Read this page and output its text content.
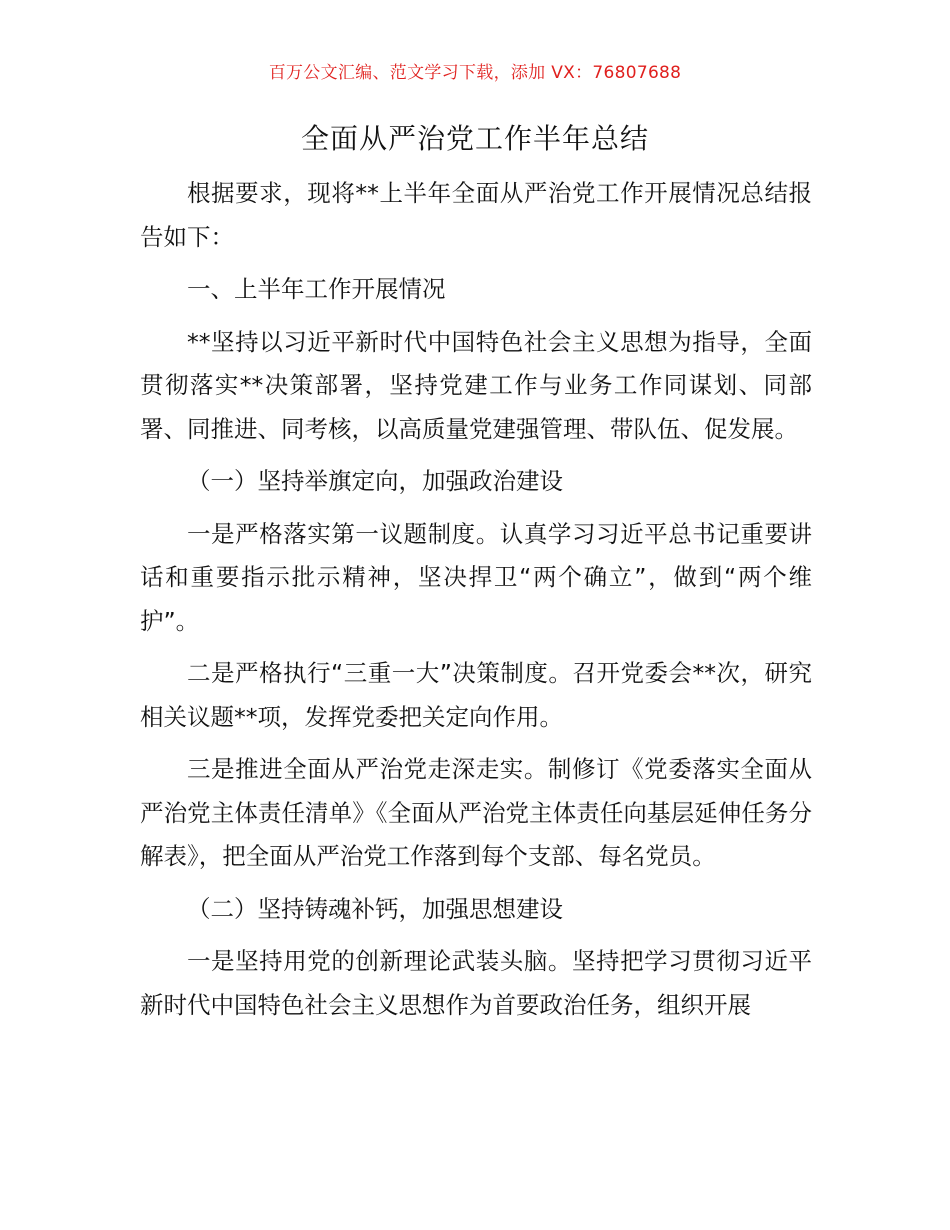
百万公文汇编、范文学习下载，添加 VX：76807688
全面从严治党工作半年总结

根据要求，现将**上半年全面从严治党工作开展情况总结报告如下：

一、上半年工作开展情况

**坚持以习近平新时代中国特色社会主义思想为指导，全面贯彻落实**决策部署，坚持党建工作与业务工作同谋划、同部署、同推进、同考核，以高质量党建强管理、带队伍、促发展。

（一）坚持举旗定向，加强政治建设

一是严格落实第一议题制度。认真学习习近平总书记重要讲话和重要指示批示精神，坚决捍卫“两个确立”，做到“两个维护”。

二是严格执行“三重一大”决策制度。召开党委会**次，研究相关议题**项，发挥党委把关定向作用。

三是推进全面从严治党走深走实。制修订《党委落实全面从严治党主体责任清单》《全面从严治党主体责任向基层延伸任务分解表》，把全面从严治党工作落到每个支部、每名党员。

（二）坚持铸魂补钙，加强思想建设

一是坚持用党的创新理论武装头脑。坚持把学习贯彻习近平新时代中国特色社会主义思想作为首要政治任务，组织开展
